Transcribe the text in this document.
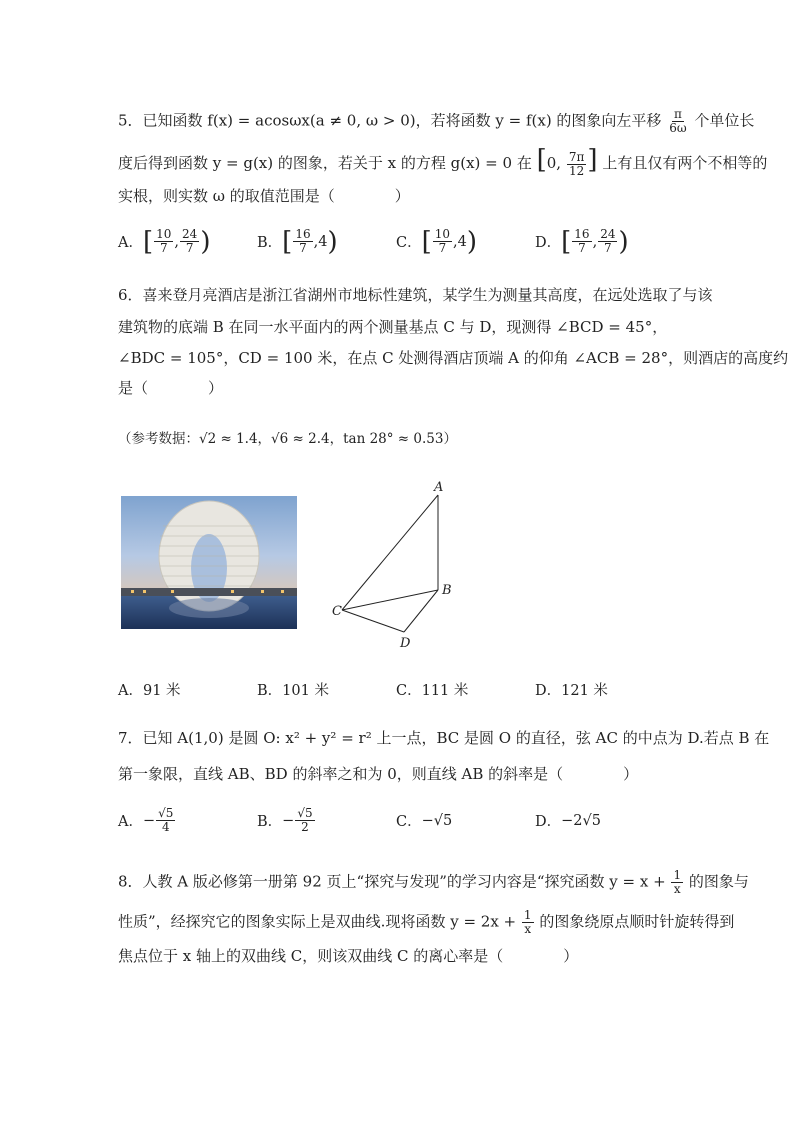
5．已知函数 f(x) = acosωx(a ≠ 0, ω > 0)，若将函数 y = f(x) 的图象向左平移 $\frac{\pi}{6\omega}$ 个单位长
度后得到函数 y = g(x) 的图象，若关于 x 的方程 g(x) = 0 在 [0, $\frac{7\pi}{12}$ ] 上有且仅有两个不相等的
实根，则实数 ω 的取值范围是（　　　　）
A． [ $\frac{10}{7}$ , $\frac{24}{7}$ )	B． [ $\frac{16}{7}$ , 4 )	C． [ $\frac{10}{7}$ , 4 )	D． [ $\frac{16}{7}$ , $\frac{24}{7}$ )
6．喜来登月亮酒店是浙江省湖州市地标性建筑，某学生为测量其高度，在远处选取了与该
建筑物的底端 B 在同一水平面内的两个测量基点 C 与 D，现测得 ∠BCD = 45°，
∠BDC = 105°，CD = 100 米，在点 C 处测得酒店顶端 A 的仰角 ∠ACB = 28°，则酒店的高度约
是（　　　　）
（参考数据：√2 ≈ 1.4，√6 ≈ 2.4，tan 28° ≈ 0.53）
A
B
C
D
A．91 米	B．101 米	C．111 米	D．121 米
7．已知 A(1,0) 是圆 O: x² + y² = r² 上一点，BC 是圆 O 的直径，弦 AC 的中点为 D.若点 B 在
第一象限，直线 AB、BD 的斜率之和为 0，则直线 AB 的斜率是（　　　　）
A． − $\frac{√5}{4}$	B． − $\frac{√5}{2}$	C． −√5	D． −2√5
8．人教 A 版必修第一册第 92 页上“探究与发现”的学习内容是“探究函数 $y = x + \frac{1}{x}$ 的图象与
性质”，经探究它的图象实际上是双曲线.现将函数 $y = 2x + \frac{1}{x}$ 的图象绕原点顺时针旋转得到
焦点位于 x 轴上的双曲线 C，则该双曲线 C 的离心率是（　　　　）
